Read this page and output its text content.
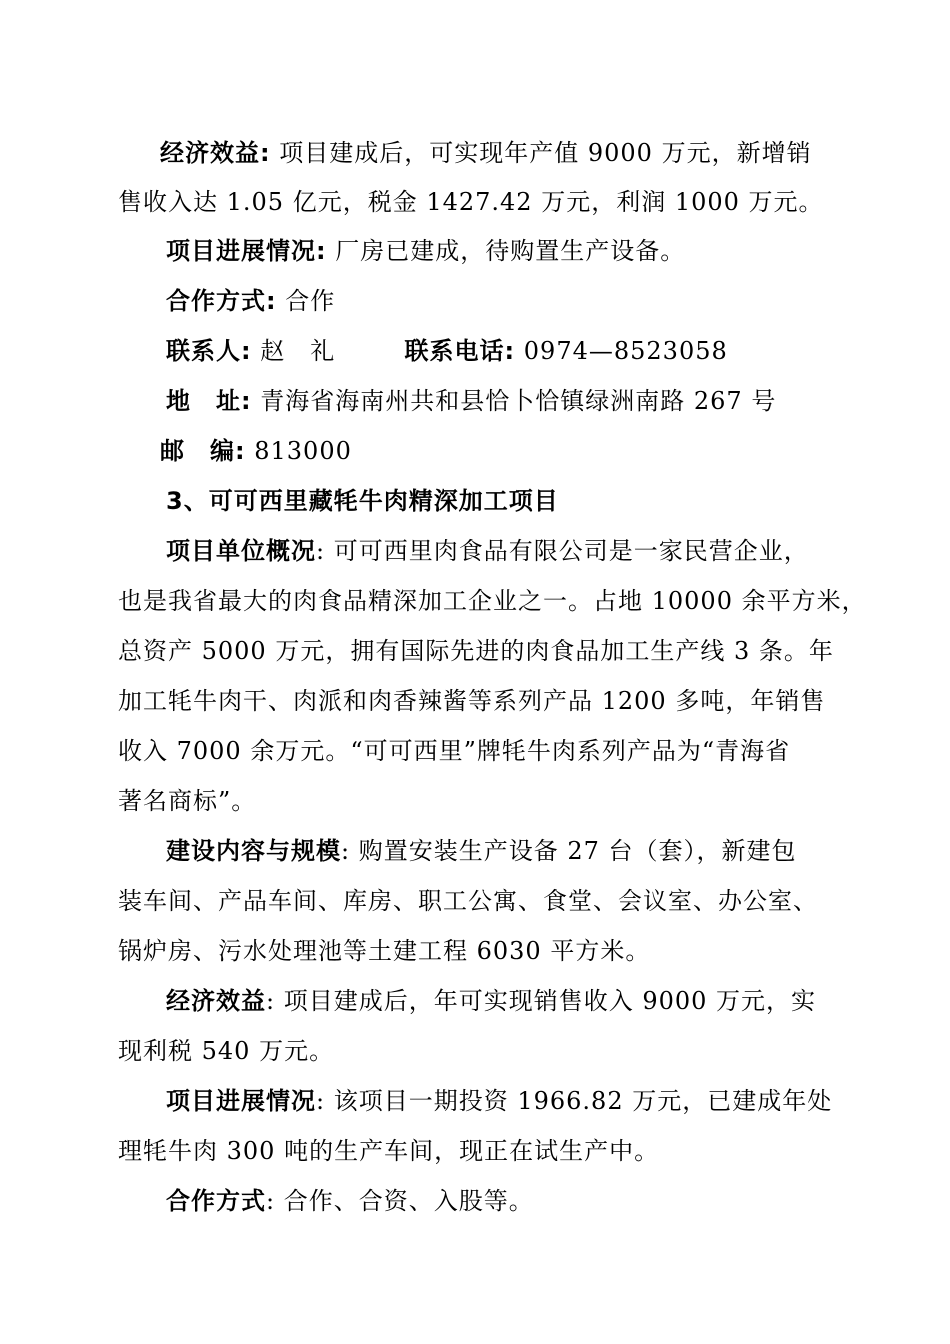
经济效益: 项目建成后，可实现年产值 9000 万元，新增销
售收入达 1.05 亿元，税金 1427.42 万元，利润 1000 万元。
项目进展情况: 厂房已建成，待购置生产设备。
合作方式: 合作
联系人: 赵　礼	联系电话: 0974—8523058
地　址: 青海省海南州共和县恰卜恰镇绿洲南路 267 号
邮　编: 813000
3、可可西里藏牦牛肉精深加工项目
项目单位概况: 可可西里肉食品有限公司是一家民营企业，
也是我省最大的肉食品精深加工企业之一。占地 10000 余平方米，
总资产 5000 万元，拥有国际先进的肉食品加工生产线 3 条。年
加工牦牛肉干、肉派和肉香辣酱等系列产品 1200 多吨，年销售
收入 7000 余万元。“可可西里”牌牦牛肉系列产品为“青海省
著名商标”。
建设内容与规模: 购置安装生产设备 27 台（套），新建包
装车间、产品车间、库房、职工公寓、食堂、会议室、办公室、
锅炉房、污水处理池等土建工程 6030 平方米。
经济效益: 项目建成后，年可实现销售收入 9000 万元，实
现利税 540 万元。
项目进展情况: 该项目一期投资 1966.82 万元，已建成年处
理牦牛肉 300 吨的生产车间，现正在试生产中。
合作方式: 合作、合资、入股等。
